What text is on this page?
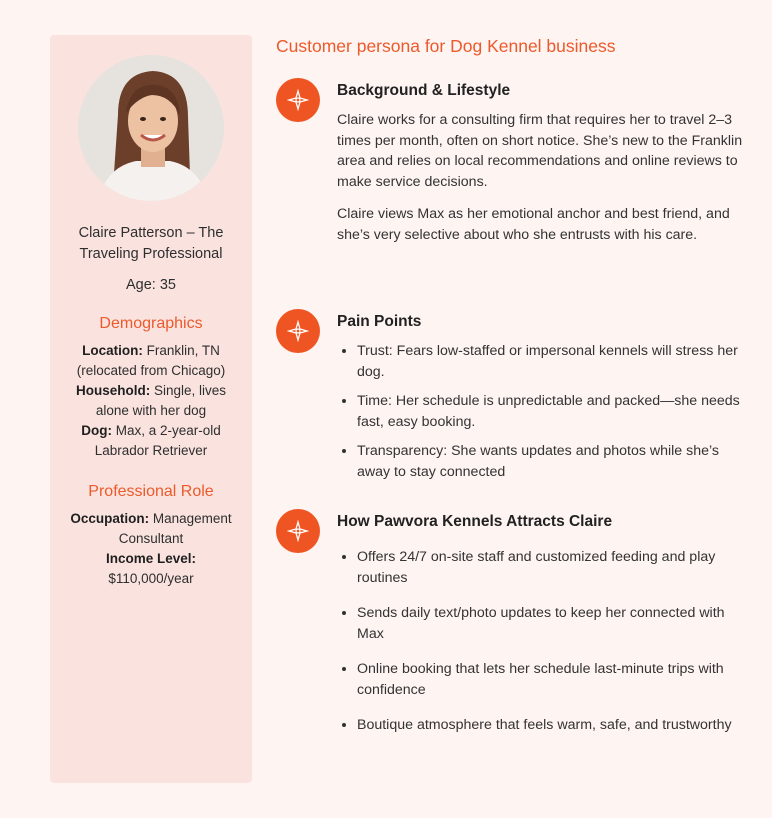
Claire Patterson – The Traveling Professional
Age: 35
Demographics
Location: Franklin, TN (relocated from Chicago)
Household: Single, lives alone with her dog
Dog: Max, a 2-year-old Labrador Retriever
Professional Role
Occupation: Management Consultant
Income Level:
$110,000/year
Customer persona for Dog Kennel business
Background & Lifestyle

Claire works for a consulting firm that requires her to travel 2–3 times per month, often on short notice. She’s new to the Franklin area and relies on local recommendations and online reviews to make service decisions.

Claire views Max as her emotional anchor and best friend, and she’s very selective about who she entrusts with his care.

Pain Points
• Trust: Fears low-staffed or impersonal kennels will stress her dog.
• Time: Her schedule is unpredictable and packed—she needs fast, easy booking.
• Transparency: She wants updates and photos while she’s away to stay connected
How Pawvora Kennels Attracts Claire
• Offers 24/7 on-site staff and customized feeding and play routines
• Sends daily text/photo updates to keep her connected with Max
• Online booking that lets her schedule last-minute trips with confidence
• Boutique atmosphere that feels warm, safe, and trustworthy
